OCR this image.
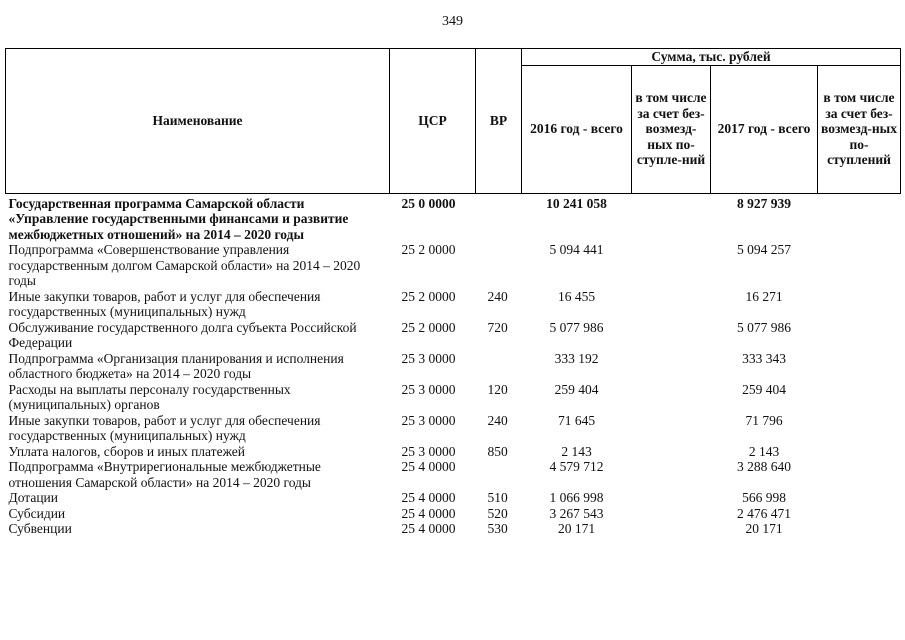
349
Наименование	ЦСР	ВР	Сумма, тыс. рублей			
			2016 год - всего	в том числе за счет без-возмезд-ных по-ступле-ний	2017 год - всего	в том числе за счет без-возмезд-ных по-ступлений
Государственная программа Самарской области «Управление государственными финансами и развитие межбюджетных отношений» на 2014 – 2020 годы	25 0 0000		10 241 058		8 927 939	
Подпрограмма «Совершенствование управления государственным долгом Самарской области» на 2014 – 2020 годы	25 2 0000		5 094 441		5 094 257	
Иные закупки товаров, работ и услуг для обеспечения государственных (муниципальных) нужд	25 2 0000	240	16 455		16 271	
Обслуживание государственного долга субъекта Российской Федерации	25 2 0000	720	5 077 986		5 077 986	
Подпрограмма «Организация планирования и исполнения областного бюджета» на 2014 – 2020 годы	25 3 0000		333 192		333 343	
Расходы на выплаты персоналу государственных (муниципальных) органов	25 3 0000	120	259 404		259 404	
Иные закупки товаров, работ и услуг для обеспечения государственных (муниципальных) нужд	25 3 0000	240	71 645		71 796	
Уплата налогов, сборов и иных платежей	25 3 0000	850	2 143		2 143	
Подпрограмма «Внутрирегиональные межбюджетные отношения Самарской области» на 2014 – 2020 годы	25 4 0000		4 579 712		3 288 640	
Дотации	25 4 0000	510	1 066 998		566 998	
Субсидии	25 4 0000	520	3 267 543		2 476 471	
Субвенции	25 4 0000	530	20 171		20 171	
